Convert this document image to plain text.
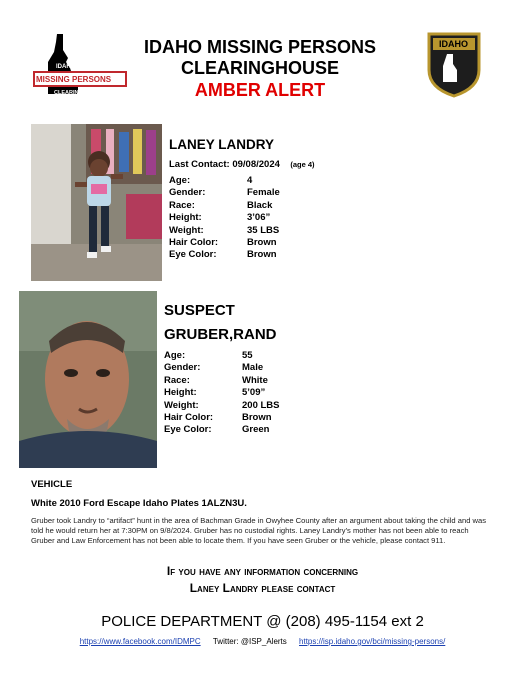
IDAHO
MISSING PERSONS
CLEARINGHOUSE
IDAHO MISSING PERSONS
CLEARINGHOUSE
AMBER ALERT
IDAHO
LANEY LANDRY
Last Contact: 09/08/2024 (age 4)
Age:	4
Gender:	Female
Race:	Black
Height:	3’06”
Weight:	35 LBS
Hair Color:	Brown
Eye Color:	Brown
SUSPECT
GRUBER,RAND
Age:	55
Gender:	Male
Race:	White
Height:	5’09”
Weight:	200 LBS
Hair Color:	Brown
Eye Color:	Green
VEHICLE
White 2010 Ford Escape Idaho Plates 1ALZN3U.
Gruber took Landry to “artifact” hunt in the area of Bachman Grade in Owyhee County after an argument about taking the child and was told he would return her at 7:30PM on 9/8/2024. Gruber has no custodial rights. Laney Landry’s mother has not been able to reach Gruber and Law Enforcement has not been able to locate them. If you have seen Gruber or the vehicle, please contact 911.
If you have any information concerning
Laney Landry please contact
POLICE DEPARTMENT @ (208) 495-1154 ext 2
https://www.facebook.com/IDMPC Twitter: @ISP_Alerts https://isp.idaho.gov/bci/missing-persons/
